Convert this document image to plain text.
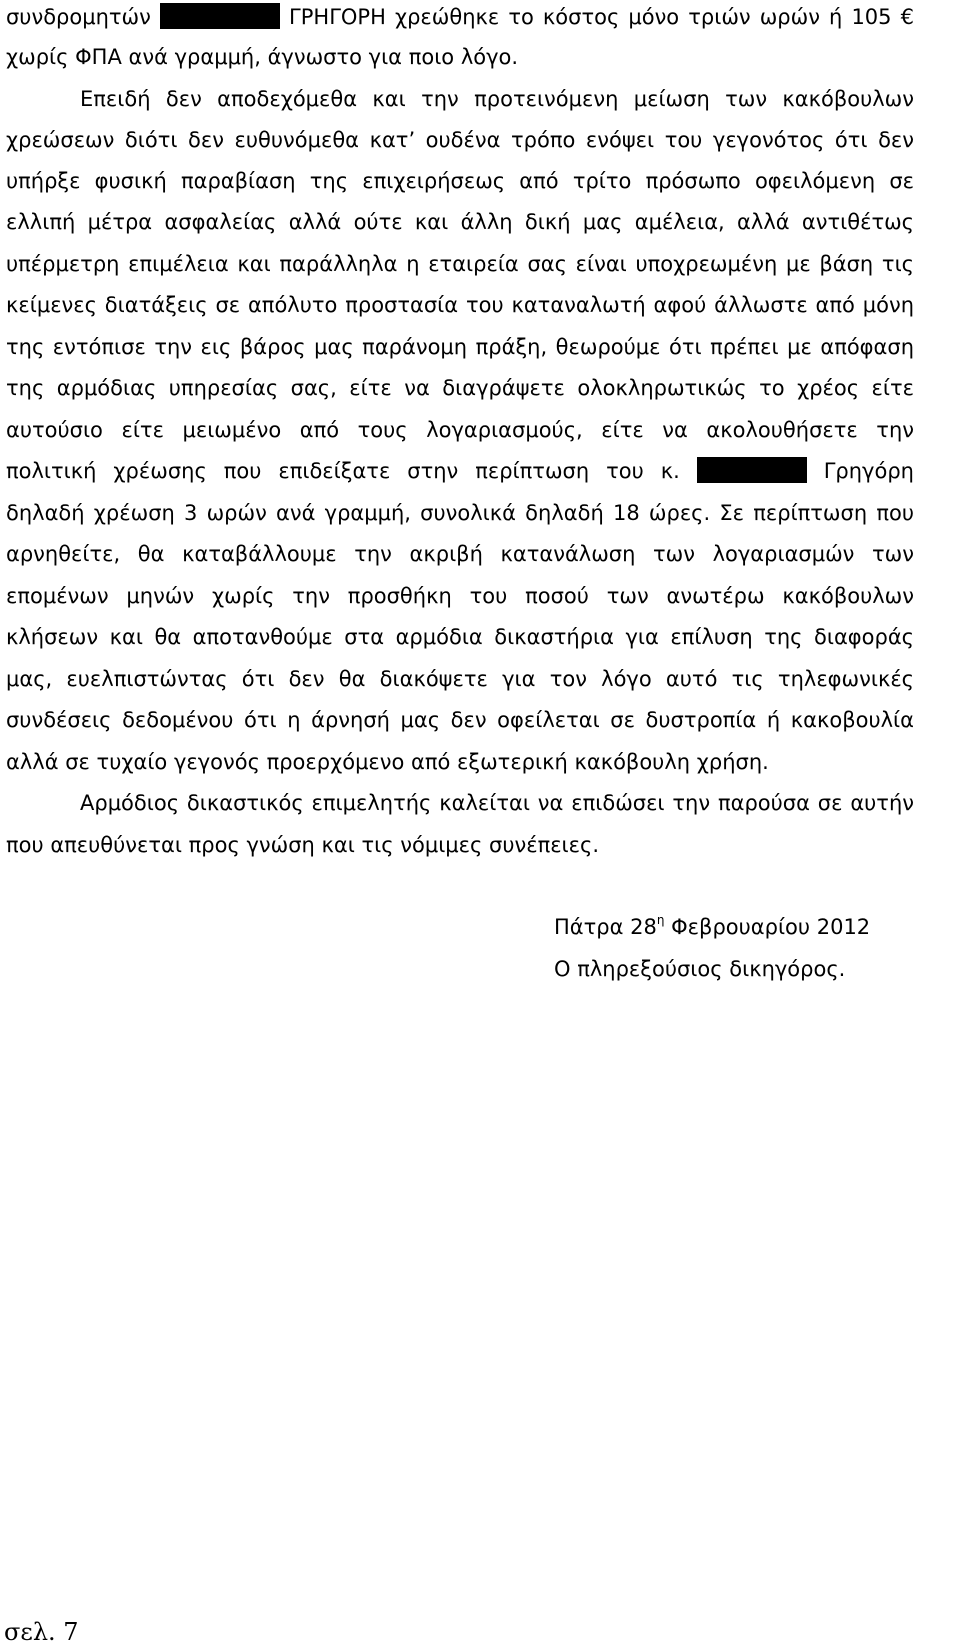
συνδρομητών	ΓΡΗΓΟΡΗ χρεώθηκε το κόστος μόνο τριών ωρών ή 105 €
χωρίς ΦΠΑ ανά γραμμή, άγνωστο για ποιο λόγο.
Επειδή δεν αποδεχόμεθα και την προτεινόμενη μείωση των κακόβουλων
χρεώσεων διότι δεν ευθυνόμεθα κατ’ ουδένα τρόπο ενόψει του γεγονότος ότι δεν
υπήρξε φυσική παραβίαση της επιχειρήσεως από τρίτο πρόσωπο οφειλόμενη σε
ελλιπή μέτρα ασφαλείας αλλά ούτε και άλλη δική μας αμέλεια, αλλά αντιθέτως
υπέρμετρη επιμέλεια και παράλληλα η εταιρεία σας είναι υποχρεωμένη με βάση τις
κείμενες διατάξεις σε απόλυτο προστασία του καταναλωτή αφού άλλωστε από μόνη
της εντόπισε την εις βάρος μας παράνομη πράξη, θεωρούμε ότι πρέπει με απόφαση
της αρμόδιας υπηρεσίας σας, είτε να διαγράψετε ολοκληρωτικώς το χρέος είτε
αυτούσιο είτε μειωμένο από τους λογαριασμούς, είτε να ακολουθήσετε την
πολιτική χρέωσης που επιδείξατε στην περίπτωση του κ.	Γρηγόρη
δηλαδή χρέωση 3 ωρών ανά γραμμή, συνολικά δηλαδή 18 ώρες. Σε περίπτωση που
αρνηθείτε, θα καταβάλλουμε την ακριβή κατανάλωση των λογαριασμών των
επομένων μηνών χωρίς την προσθήκη του ποσού των ανωτέρω κακόβουλων
κλήσεων και θα αποτανθούμε στα αρμόδια δικαστήρια για επίλυση της διαφοράς
μας, ευελπιστώντας ότι δεν θα διακόψετε για τον λόγο αυτό τις τηλεφωνικές
συνδέσεις δεδομένου ότι η άρνησή μας δεν οφείλεται σε δυστροπία ή κακοβουλία
αλλά σε τυχαίο γεγονός προερχόμενο από εξωτερική κακόβουλη χρήση.
Αρμόδιος δικαστικός επιμελητής καλείται να επιδώσει την παρούσα σε αυτήν
που απευθύνεται προς γνώση και τις νόμιμες συνέπειες.
Πάτρα $28^\eta$ Φεβρουαρίου 2012
Ο πληρεξούσιος δικηγόρος.
σελ. 7
